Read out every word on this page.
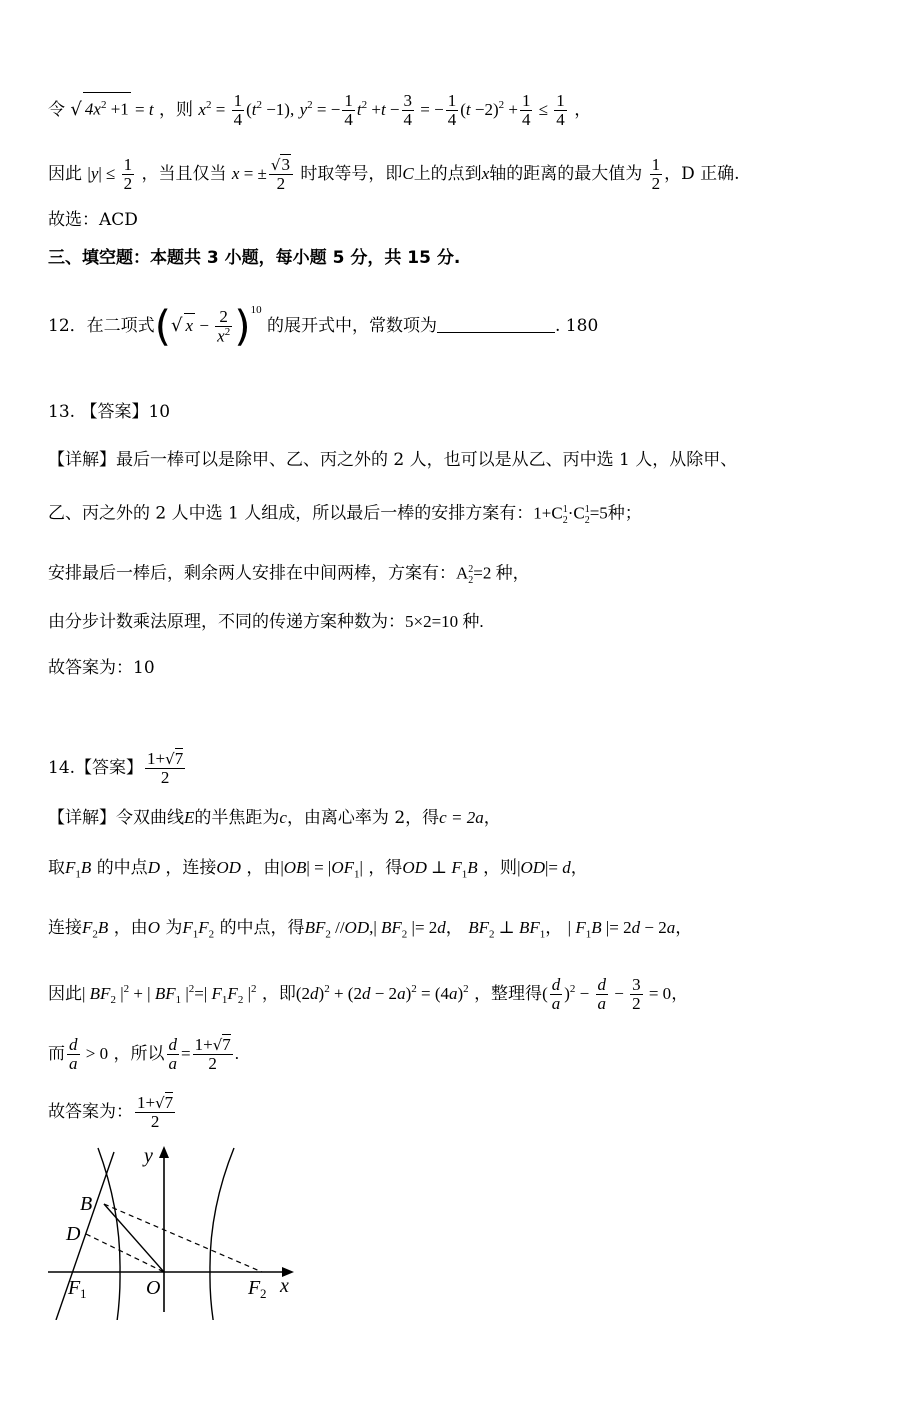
令 √ $4x^2 +1 = t$ ，则 $x^2 = \frac{1}{4} (t^2 -1)$, $y^2$ = − $\frac{1}{4} t^2 +t - \frac{3}{4}$ = − $\frac{1}{4} (t -2)^2 + \frac{1}{4} \le \frac{1}{4}$ ，
因此 $|y| \le \frac{1}{2}$ ，当且仅当 x = ± $\frac{√3}{2}$ 时取等号，即C上的点到x轴的距离的最大值为 $\frac{1}{2}$ ，D 正确.
故选：ACD
三、填空题：本题共 3 小题，每小题 5 分，共 15 分.
12．在二项式(√ $x - \frac{2}{x^2} )^{10}$ 的展开式中，常数项为	. 180
13. 【答案】10
【详解】最后一棒可以是除甲、乙、丙之外的 2 人，也可以是从乙、丙中选 1 人，从除甲、
乙、丙之外的 2 人中选 1 人组成，所以最后一棒的安排方案有：$1+C^1_2\cdot C^1_2=5$种；
安排最后一棒后，剩余两人安排在中间两棒，方案有：$A^2_2=2$ 种，
由分步计数乘法原理，不同的传递方案种数为：5×2=10 种.
故答案为：10
14.【答案】 $\frac{1+√7}{2}$
【详解】令双曲线E的半焦距为c，由离心率为 2，得c = 2a，
取$F_1B$ 的中点D ，连接OD ，由$|OB| = |OF_1|$ ，得OD ⊥ $F_1B$ ，则|OD|= d，
连接$F_2B$ ，由O 为$F_1F_2$ 的中点，得$BF_2$ //OD,| $BF_2$ |= 2d， $BF_2$ ⊥ $BF_1$， | $F_1B$ |= 2d − 2a，
因此| $BF_2$ $|^2$ + | $BF_1$ $|^2=|$ $F_1F_2$ $|^2$ ，即$(2d)^2 + (2d - 2a)^2 = (4a)^2$ ，整理得( $\frac{d}{a} )^2 - \frac{d}{a} - \frac{3}{2} = 0$，
而 $\frac{d}{a} > 0$ ，所以 $\frac{d}{a} = \frac{1+√7}{2}$ .
故答案为： $\frac{1+√7}{2}$
y
x
B
D
F 1	O	F 2
